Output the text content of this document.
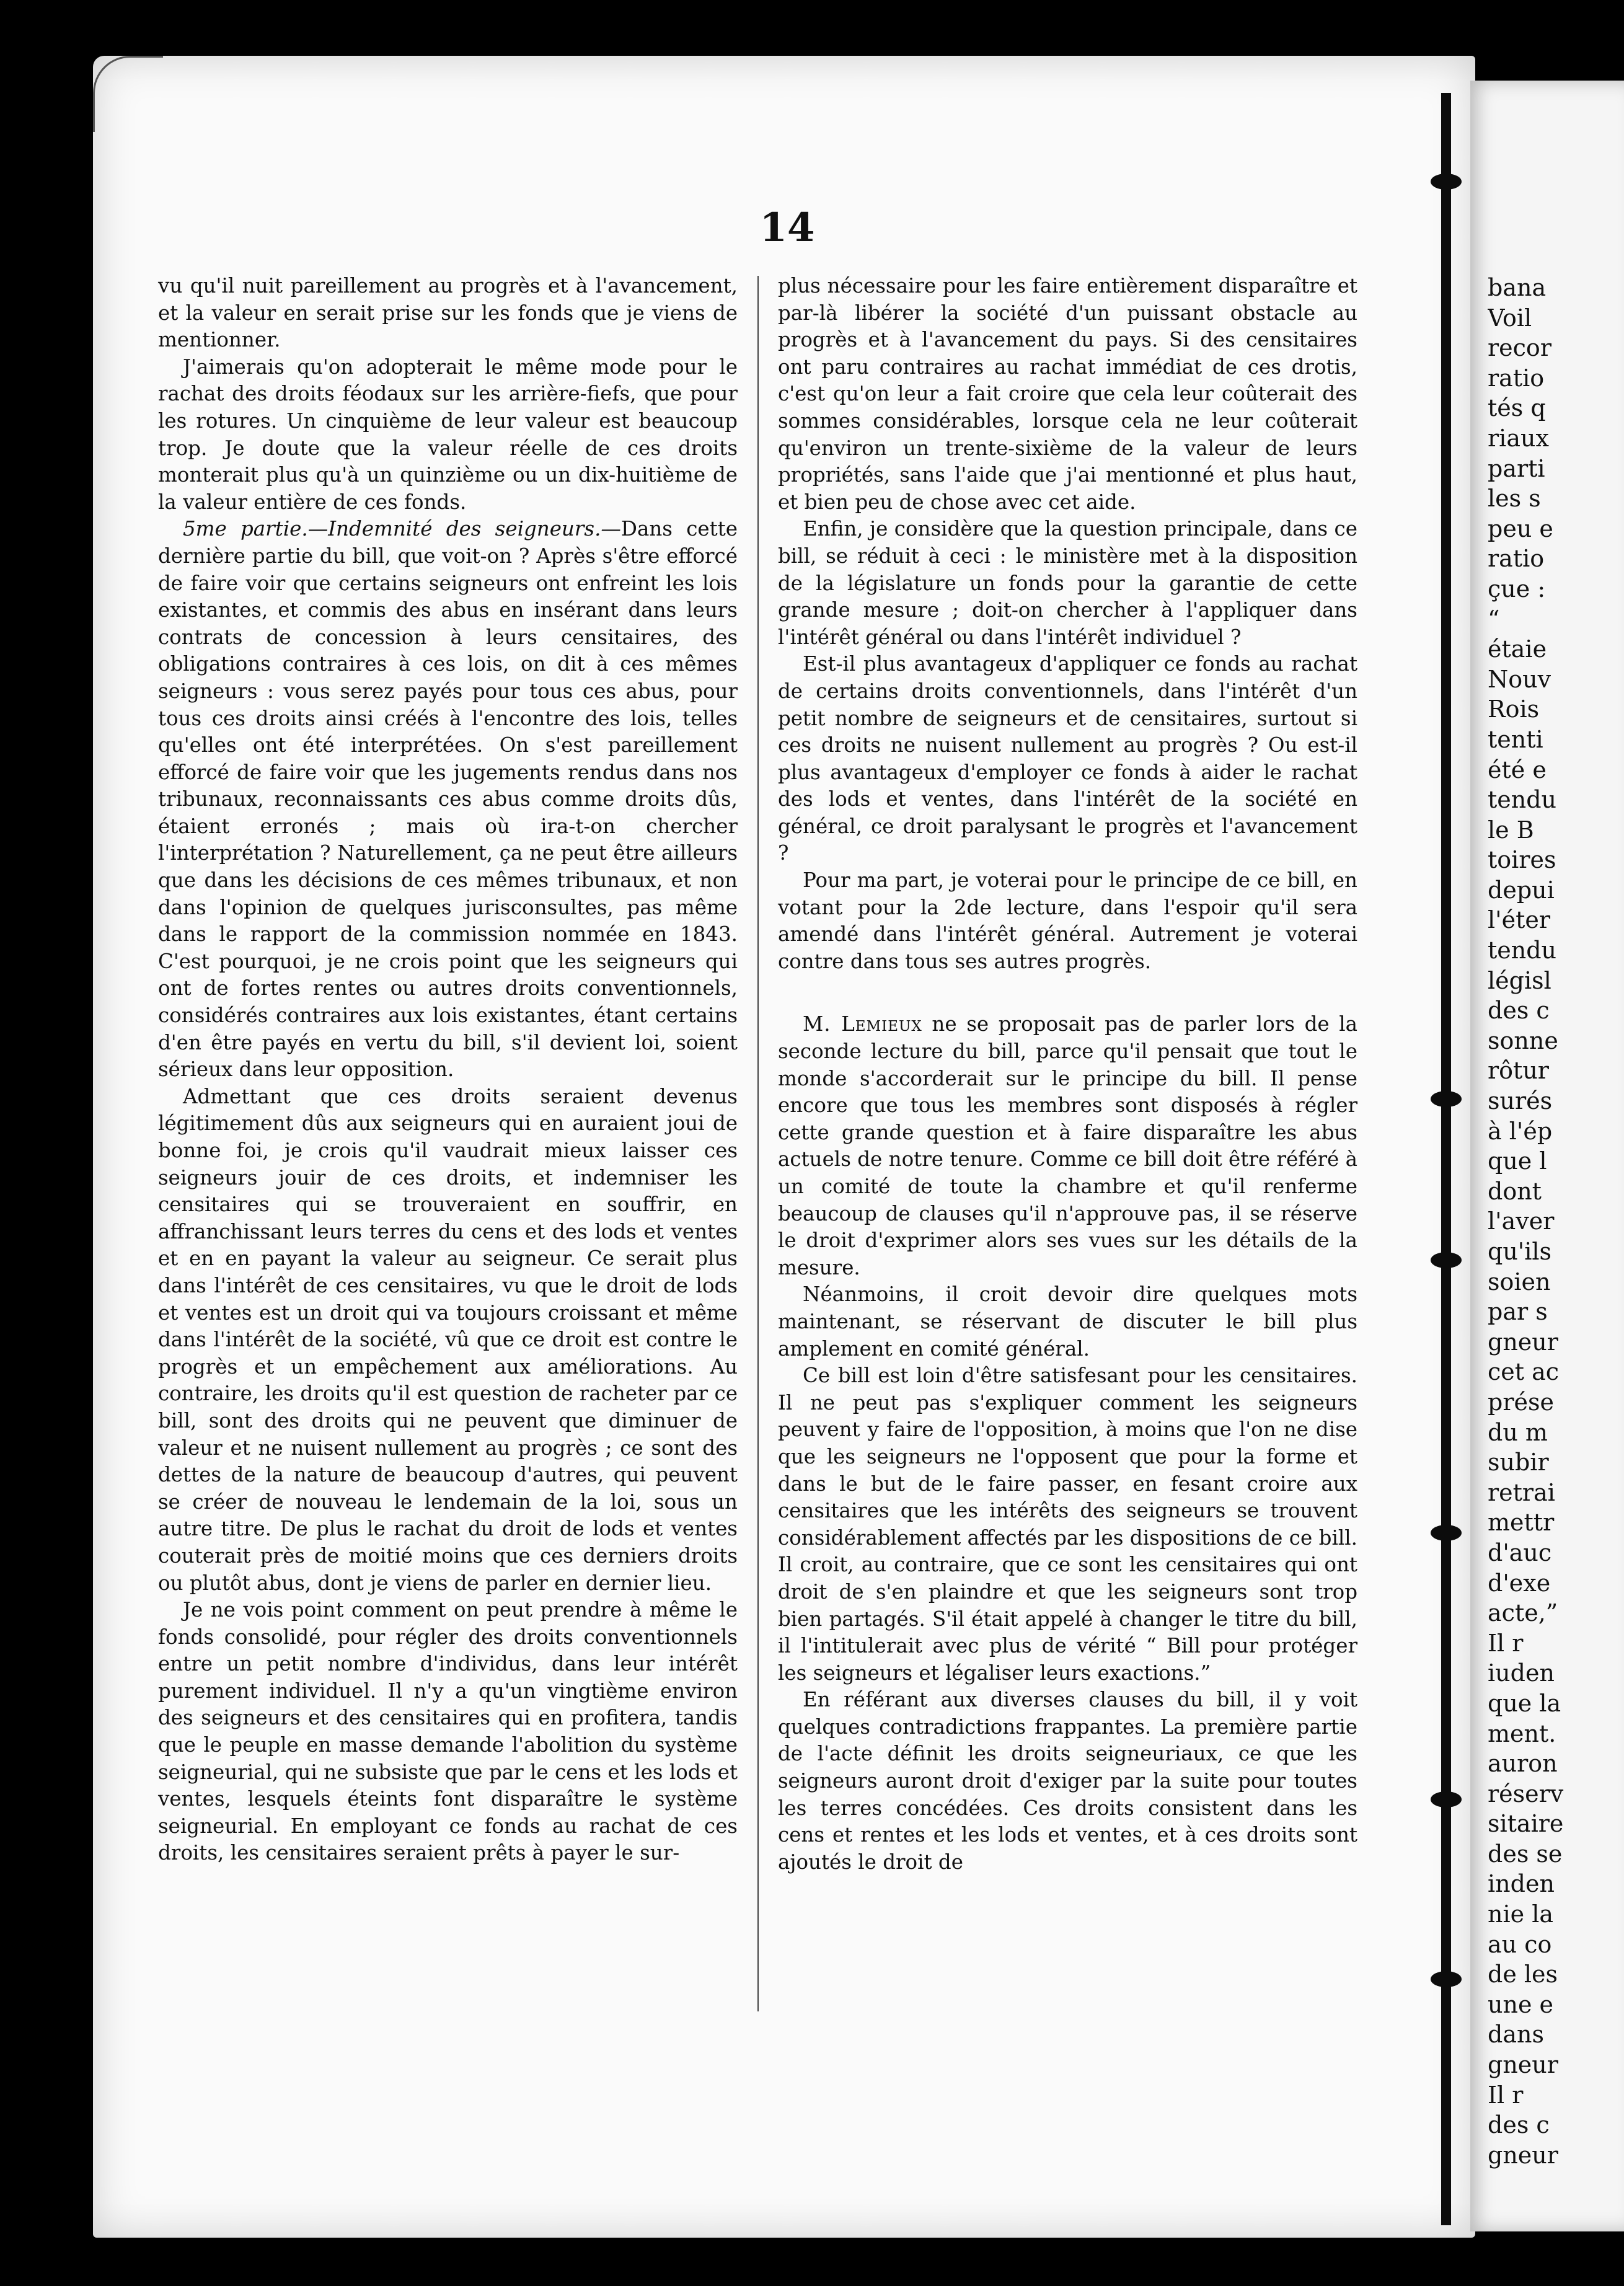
14

vu qu'il nuit pareillement au progrès et à l'avancement, et la valeur en serait prise sur les fonds que je viens de mentionner.

J'aimerais qu'on adopterait le même mode pour le rachat des droits féodaux sur les arrière-fiefs, que pour les rotures. Un cinquième de leur valeur est beaucoup trop. Je doute que la valeur réelle de ces droits monterait plus qu'à un quinzième ou un dix-huitième de la valeur entière de ces fonds.

5me partie.—Indemnité des seigneurs.—Dans cette dernière partie du bill, que voit-on ? Après s'être efforcé de faire voir que certains seigneurs ont enfreint les lois existantes, et commis des abus en insérant dans leurs contrats de concession à leurs censitaires, des obligations contraires à ces lois, on dit à ces mêmes seigneurs : vous serez payés pour tous ces abus, pour tous ces droits ainsi créés à l'encontre des lois, telles qu'elles ont été interprétées. On s'est pareillement efforcé de faire voir que les jugements rendus dans nos tribunaux, reconnaissants ces abus comme droits dûs, étaient erronés ; mais où ira-t-on chercher l'interprétation ? Naturellement, ça ne peut être ailleurs que dans les décisions de ces mêmes tribunaux, et non dans l'opinion de quelques jurisconsultes, pas même dans le rapport de la commission nommée en 1843. C'est pourquoi, je ne crois point que les seigneurs qui ont de fortes rentes ou autres droits conventionnels, considérés contraires aux lois existantes, étant certains d'en être payés en vertu du bill, s'il devient loi, soient sérieux dans leur opposition.

Admettant que ces droits seraient devenus légitimement dûs aux seigneurs qui en auraient joui de bonne foi, je crois qu'il vaudrait mieux laisser ces seigneurs jouir de ces droits, et indemniser les censitaires qui se trouveraient en souffrir, en affranchissant leurs terres du cens et des lods et ventes et en en payant la valeur au seigneur. Ce serait plus dans l'intérêt de ces censitaires, vu que le droit de lods et ventes est un droit qui va toujours croissant et même dans l'intérêt de la société, vû que ce droit est contre le progrès et un empêchement aux améliorations. Au contraire, les droits qu'il est question de racheter par ce bill, sont des droits qui ne peuvent que diminuer de valeur et ne nuisent nullement au progrès ; ce sont des dettes de la nature de beaucoup d'autres, qui peuvent se créer de nouveau le lendemain de la loi, sous un autre titre. De plus le rachat du droit de lods et ventes couterait près de moitié moins que ces derniers droits ou plutôt abus, dont je viens de parler en dernier lieu.

Je ne vois point comment on peut prendre à même le fonds consolidé, pour régler des droits conventionnels entre un petit nombre d'individus, dans leur intérêt purement individuel. Il n'y a qu'un vingtième environ des seigneurs et des censitaires qui en profitera, tandis que le peuple en masse demande l'abolition du système seigneurial, qui ne subsiste que par le cens et les lods et ventes, lesquels éteints font disparaître le système seigneurial. En employant ce fonds au rachat de ces droits, les censitaires seraient prêts à payer le sur-

plus nécessaire pour les faire entièrement disparaître et par-là libérer la société d'un puissant obstacle au progrès et à l'avancement du pays. Si des censitaires ont paru contraires au rachat immédiat de ces drotis, c'est qu'on leur a fait croire que cela leur coûterait des sommes considérables, lorsque cela ne leur coûterait qu'environ un trente-sixième de la valeur de leurs propriétés, sans l'aide que j'ai mentionné et plus haut, et bien peu de chose avec cet aide.

Enfin, je considère que la question principale, dans ce bill, se réduit à ceci : le ministère met à la disposition de la législature un fonds pour la garantie de cette grande mesure ; doit-on chercher à l'appliquer dans l'intérêt général ou dans l'intérêt individuel ?

Est-il plus avantageux d'appliquer ce fonds au rachat de certains droits conventionnels, dans l'intérêt d'un petit nombre de seigneurs et de censitaires, surtout si ces droits ne nuisent nullement au progrès ? Ou est-il plus avantageux d'employer ce fonds à aider le rachat des lods et ventes, dans l'intérêt de la société en général, ce droit paralysant le progrès et l'avancement ?

Pour ma part, je voterai pour le principe de ce bill, en votant pour la 2de lecture, dans l'espoir qu'il sera amendé dans l'intérêt général. Autrement je voterai contre dans tous ses autres progrès.

M. Lemieux ne se proposait pas de parler lors de la seconde lecture du bill, parce qu'il pensait que tout le monde s'accorderait sur le principe du bill. Il pense encore que tous les membres sont disposés à régler cette grande question et à faire disparaître les abus actuels de notre tenure. Comme ce bill doit être référé à un comité de toute la chambre et qu'il renferme beaucoup de clauses qu'il n'approuve pas, il se réserve le droit d'exprimer alors ses vues sur les détails de la mesure.

Néanmoins, il croit devoir dire quelques mots maintenant, se réservant de discuter le bill plus amplement en comité général.

Ce bill est loin d'être satisfesant pour les censitaires. Il ne peut pas s'expliquer comment les seigneurs peuvent y faire de l'opposition, à moins que l'on ne dise que les seigneurs ne l'opposent que pour la forme et dans le but de le faire passer, en fesant croire aux censitaires que les intérêts des seigneurs se trouvent considérablement affectés par les dispositions de ce bill. Il croit, au contraire, que ce sont les censitaires qui ont droit de s'en plaindre et que les seigneurs sont trop bien partagés. S'il était appelé à changer le titre du bill, il l'intitulerait avec plus de vérité “ Bill pour protéger les seigneurs et légaliser leurs exactions.”

En référant aux diverses clauses du bill, il y voit quelques contradictions frappantes. La première partie de l'acte définit les droits seigneuriaux, ce que les seigneurs auront droit d'exiger par la suite pour toutes les terres concédées. Ces droits consistent dans les cens et rentes et les lods et ventes, et à ces droits sont ajoutés le droit de

bana
Voil
recor
ratio
tés q
riaux
parti
les s
peu e
ratio
çue :
“
étaie
Nouv
Rois
tenti
été e
tendu
le B
toires
depui
l'éter
tendu
législ
des c
sonne
rôtur
surés
à l'ép
que l
dont
l'aver
qu'ils
soien
par s
gneur
cet ac
prése
du m
subir
retrai
mettr
d'auc
d'exe
acte,”
Il r
iuden
que la
ment.
auron
réserv
sitaire
des se
inden
nie la
au co
de les
une e
dans
gneur
Il r
des c
gneur
